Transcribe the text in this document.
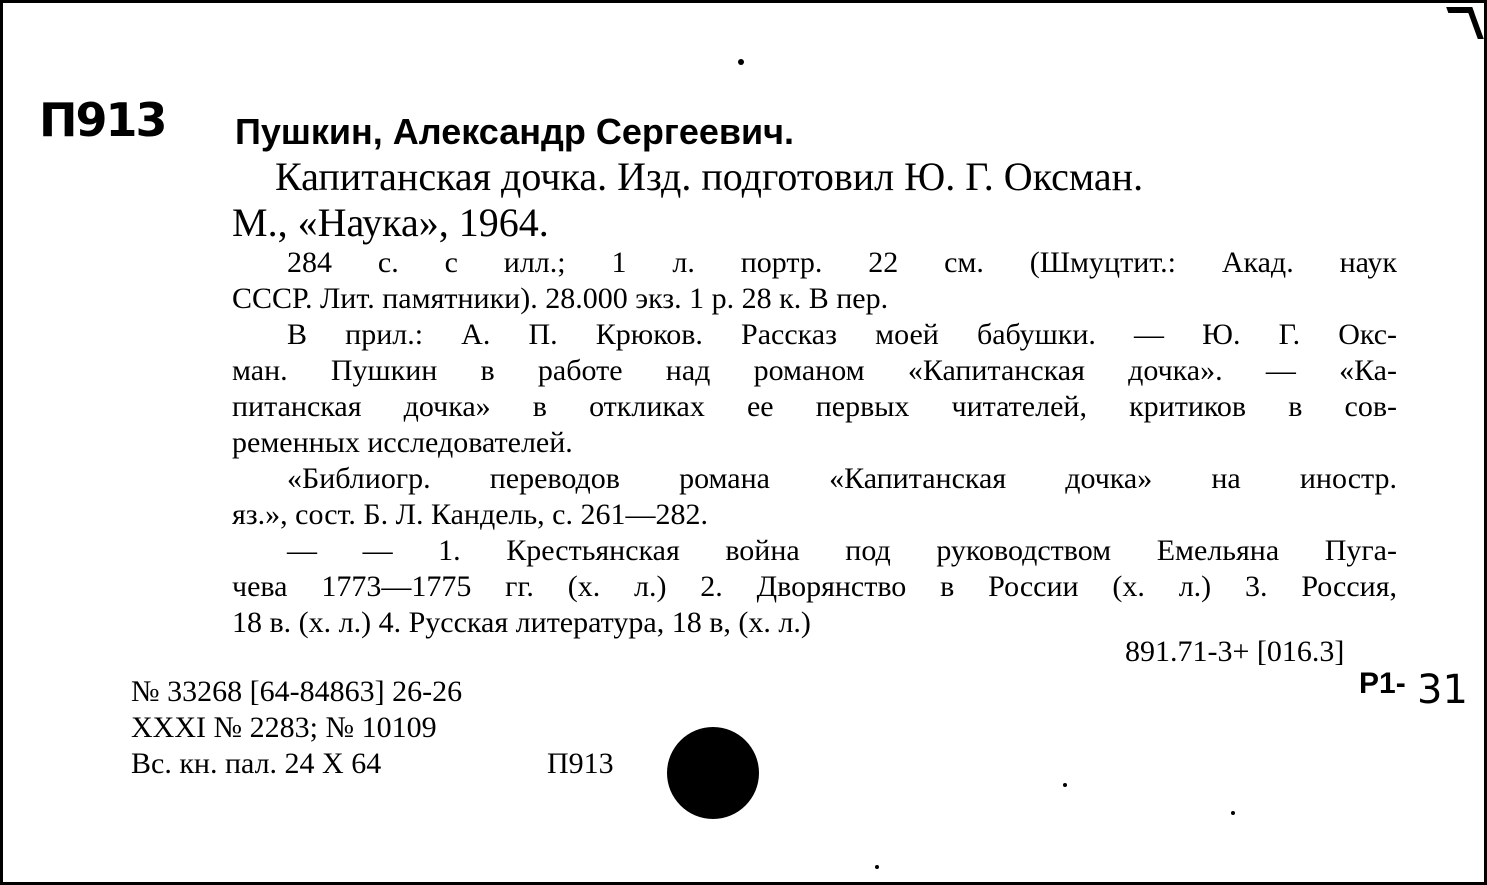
П913 Пушкин, Александр Сергеевич.
Капитанская дочка. Изд. подготовил Ю. Г. Оксман.
М., «Наука», 1964.
284 с. с илл.; 1 л. портр. 22 см. (Шмуцтит.: Акад. наук
СССР. Лит. памятники). 28.000 экз. 1 р. 28 к. В пер.
В прил.: А. П. Крюков. Рассказ моей бабушки. — Ю. Г. Окс-
ман. Пушкин в работе над романом «Капитанская дочка». — «Ка-
питанская дочка» в откликах ее первых читателей, критиков в сов-
ременных исследователей.
«Библиогр. переводов романа «Капитанская дочка» на иностр.
яз.», сост. Б. Л. Кандель, с. 261—282.
— — 1. Крестьянская война под руководством Емельяна Пуга-
чева 1773—1775 гг. (х. л.) 2. Дворянство в России (х. л.) 3. Россия,
18 в. (х. л.) 4. Русская литература, 18 в, (х. л.)
891.71-3+ [016.3]
Р1- 31
№ 33268 [64-84863] 26-26
XXXI № 2283; № 10109
Вс. кн. пал. 24 X 64	П913
